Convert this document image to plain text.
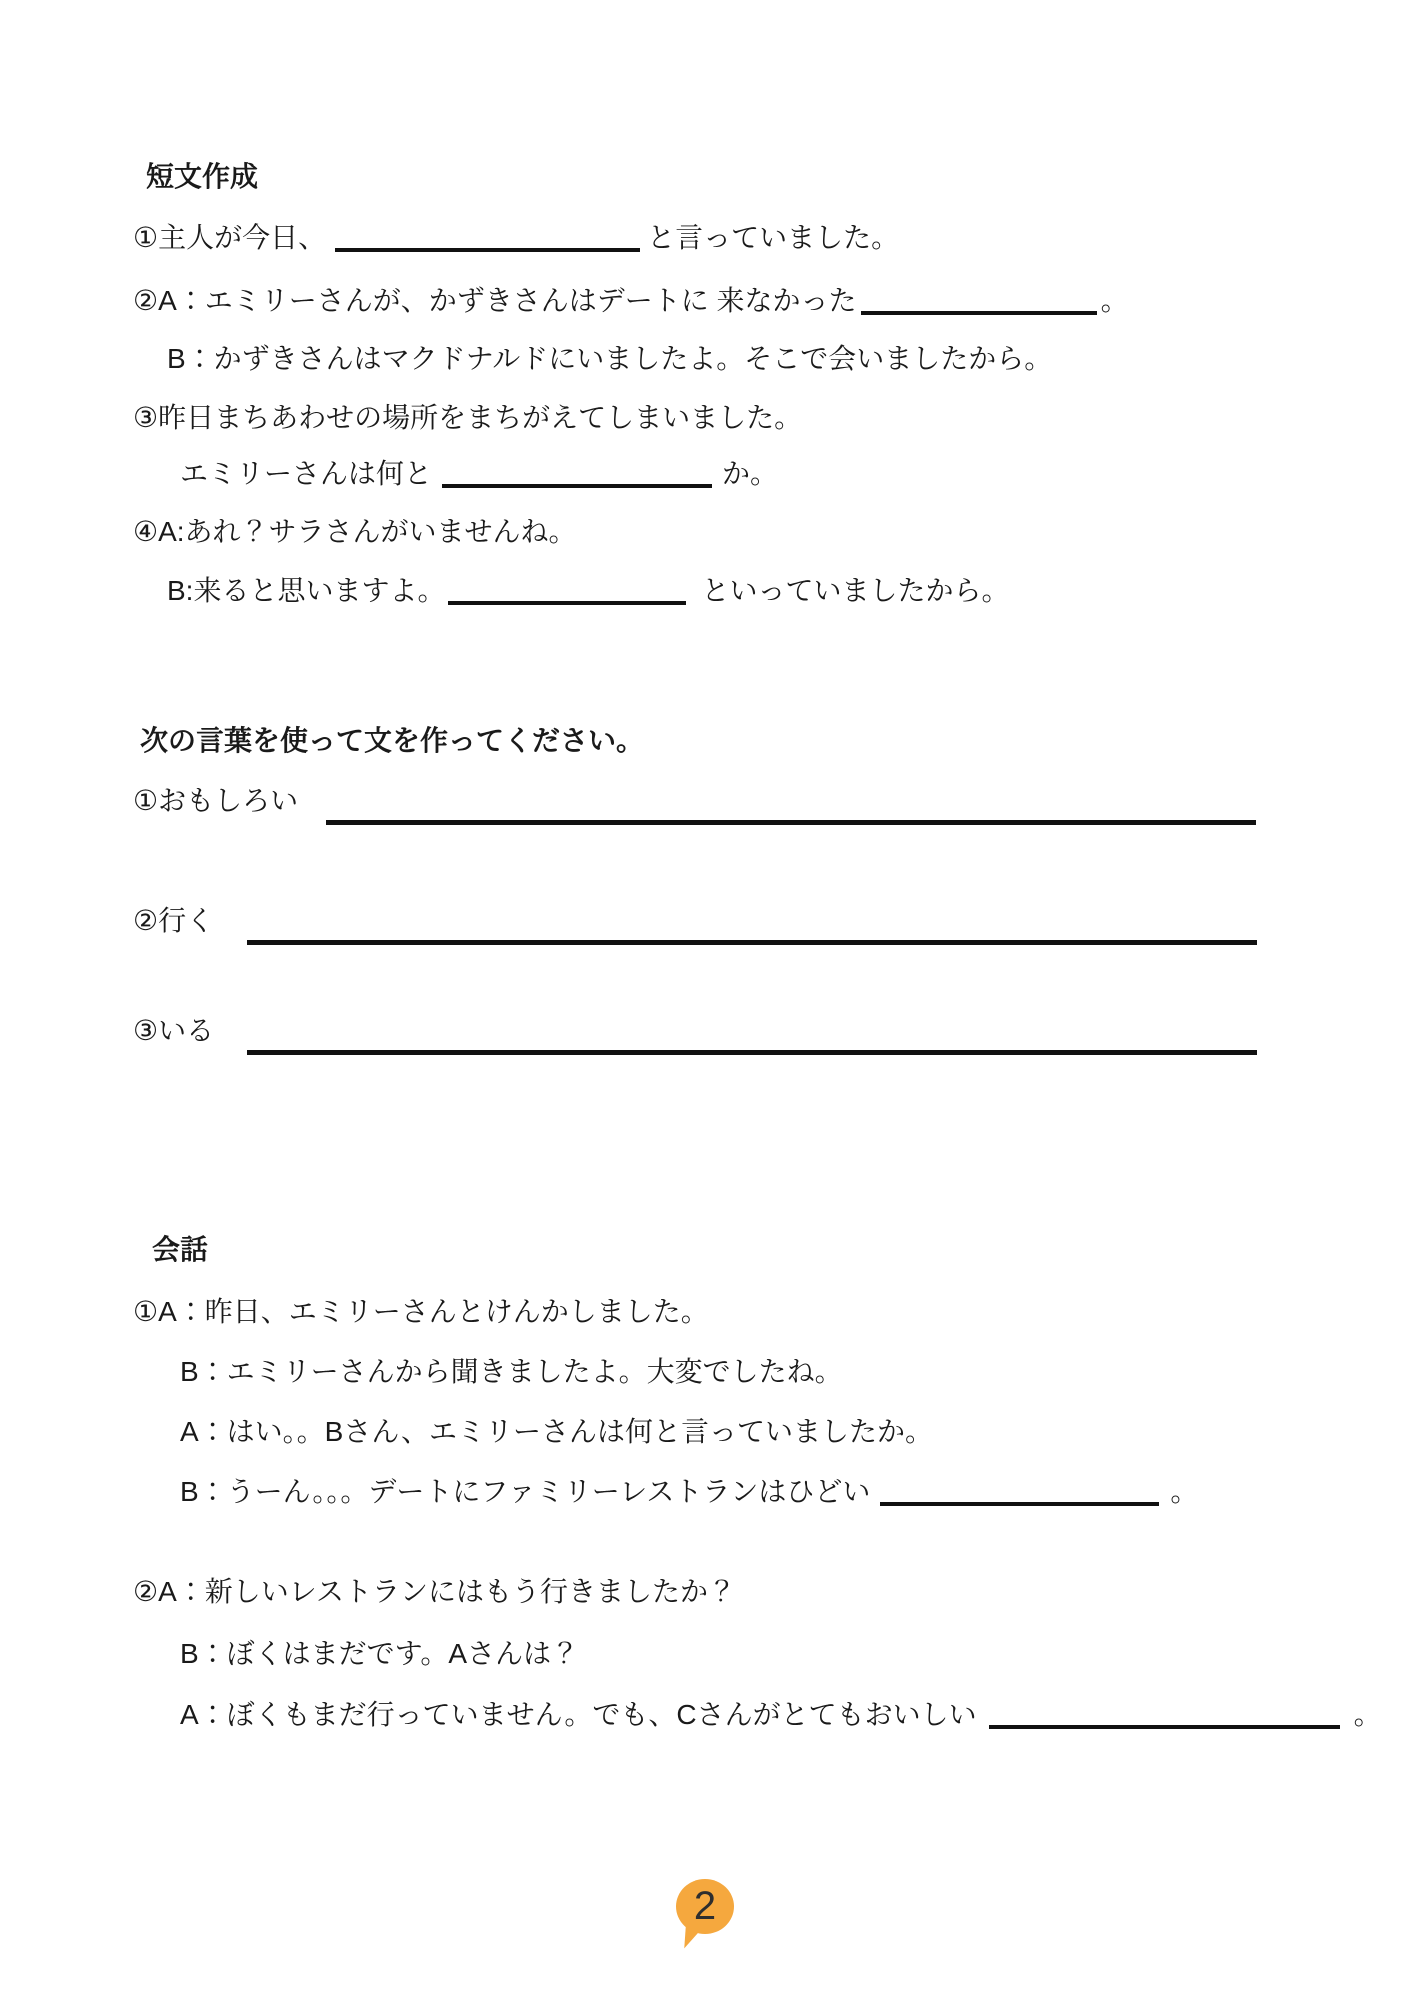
短文作成
①主人が今日、	と言っていました。
②A：エミリーさんが、かずきさんはデートに 来なかった	。
B：かずきさんはマクドナルドにいましたよ。そこで会いましたから。
③昨日まちあわせの場所をまちがえてしまいました。
エミリーさんは何と	か。
④A:あれ？サラさんがいませんね。
B:来ると思いますよ。	といっていましたから。
次の言葉を使って文を作ってください。
①おもしろい
②行く
③いる
会話
①A：昨日、エミリーさんとけんかしました。
B：エミリーさんから聞きましたよ。大変でしたね。
A：はい。。Bさん、エミリーさんは何と言っていましたか。
B：うーん。。。デートにファミリーレストランはひどい	。
②A：新しいレストランにはもう行きましたか？
B：ぼくはまだです。Aさんは？
A：ぼくもまだ行っていません。でも、Cさんがとてもおいしい	。
2
